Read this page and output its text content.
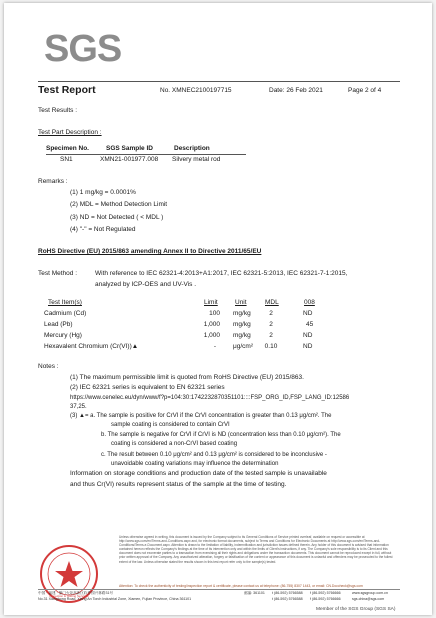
SGS
Test Report	No. XMNEC2100197715	Date: 26 Feb 2021	Page 2 of 4
Test Results :
Test Part Description :
Specimen No.	SGS Sample ID	Description
SN1	XMN21-001977.008 Silvery metal rod
Remarks :
(1) 1 mg/kg = 0.0001%
(2) MDL = Method Detection Limit
(3) ND = Not Detected ( < MDL )
(4) "-" = Not Regulated
RoHS Directive (EU) 2015/863 amending Annex II to Directive 2011/65/EU
Test Method :	With reference to IEC 62321-4:2013+A1:2017, IEC 62321-5:2013, IEC 62321-7-1:2015,
analyzed by ICP-OES and UV-Vis .
Test Item(s)	Limit	Unit	MDL	008
Cadmium (Cd)	100 mg/kg	2	ND
Lead (Pb)	1,000 mg/kg	2	45
Mercury (Hg)	1,000 mg/kg	2	ND
Hexavalent Chromium (Cr(VI))▲	-	μg/cm²	0.10	ND
Notes :
(1) The maximum permissible limit is quoted from RoHS Directive (EU) 2015/863.
(2) IEC 62321 series is equivalent to EN 62321 series
https://www.cenelec.eu/dyn/www/f?p=104:30:1742232870351101::::FSP_ORG_ID,FSP_LANG_ID:12586
37,25.
(3) ▲= a. The sample is positive for CrVI if the CrVI concentration is greater than 0.13 μg/cm². The
sample coating is considered to contain CrVI
b. The sample is negative for CrVI if CrVI is ND (concentration less than 0.10 μg/cm²). The
coating is considered a non-CrVI based coating
c. The result between 0.10 μg/cm² and 0.13 μg/cm² is considered to be inconclusive -
unavoidable coating variations may influence the determination
Information on storage conditions and production date of the tested sample is unavailable
and thus Cr(VI) results represent status of the sample at the time of testing.
Unless otherwise agreed in writing, this document is issued by the Company subject to its General Conditions of Service printed overleaf, available on request or accessible at http://www.sgs.com/en/Terms-and-Conditions.aspx and, for electronic format documents, subject to Terms and Conditions for Electronic Documents at http://www.sgs.com/en/Terms-and-Conditions/Terms-e-Document.aspx. Attention is drawn to the limitation of liability, indemnification and jurisdiction issues defined therein. Any holder of this document is advised that information contained hereon reflects the Company's findings at the time of its intervention only and within the limits of Client's instructions, if any. The Company's sole responsibility is to its Client and this document does not exonerate parties to a transaction from exercising all their rights and obligations under the transaction documents. This document cannot be reproduced except in full, without prior written approval of the Company. Any unauthorized alteration, forgery or falsification of the content or appearance of this document is unlawful and offenders may be prosecuted to the fullest extent of the law. Unless otherwise stated the results shown in this test report refer only to the sample(s) tested.
Attention: To check the authenticity of testing/inspection report & certificate, please contact us at telephone: (86-755) 8307 1443, or email: CN.Doccheck@sgs.com
Inspection & Testing Services
中国 · 福建 · 厦门火炬高新区软件园兴林路31号
No.31 Xianghong Road, Xiang'An Torch Industrial Zone, Xiamen, Fujian Province, China 361101
邮编: 361101 t (86-592) 5766588
t (86-592) 5766588
f (86-592) 5766666
f (86-592) 5766666
www.sgsgroup.com.cn
sgs.china@sgs.com
Member of the SGS Group (SGS SA)
